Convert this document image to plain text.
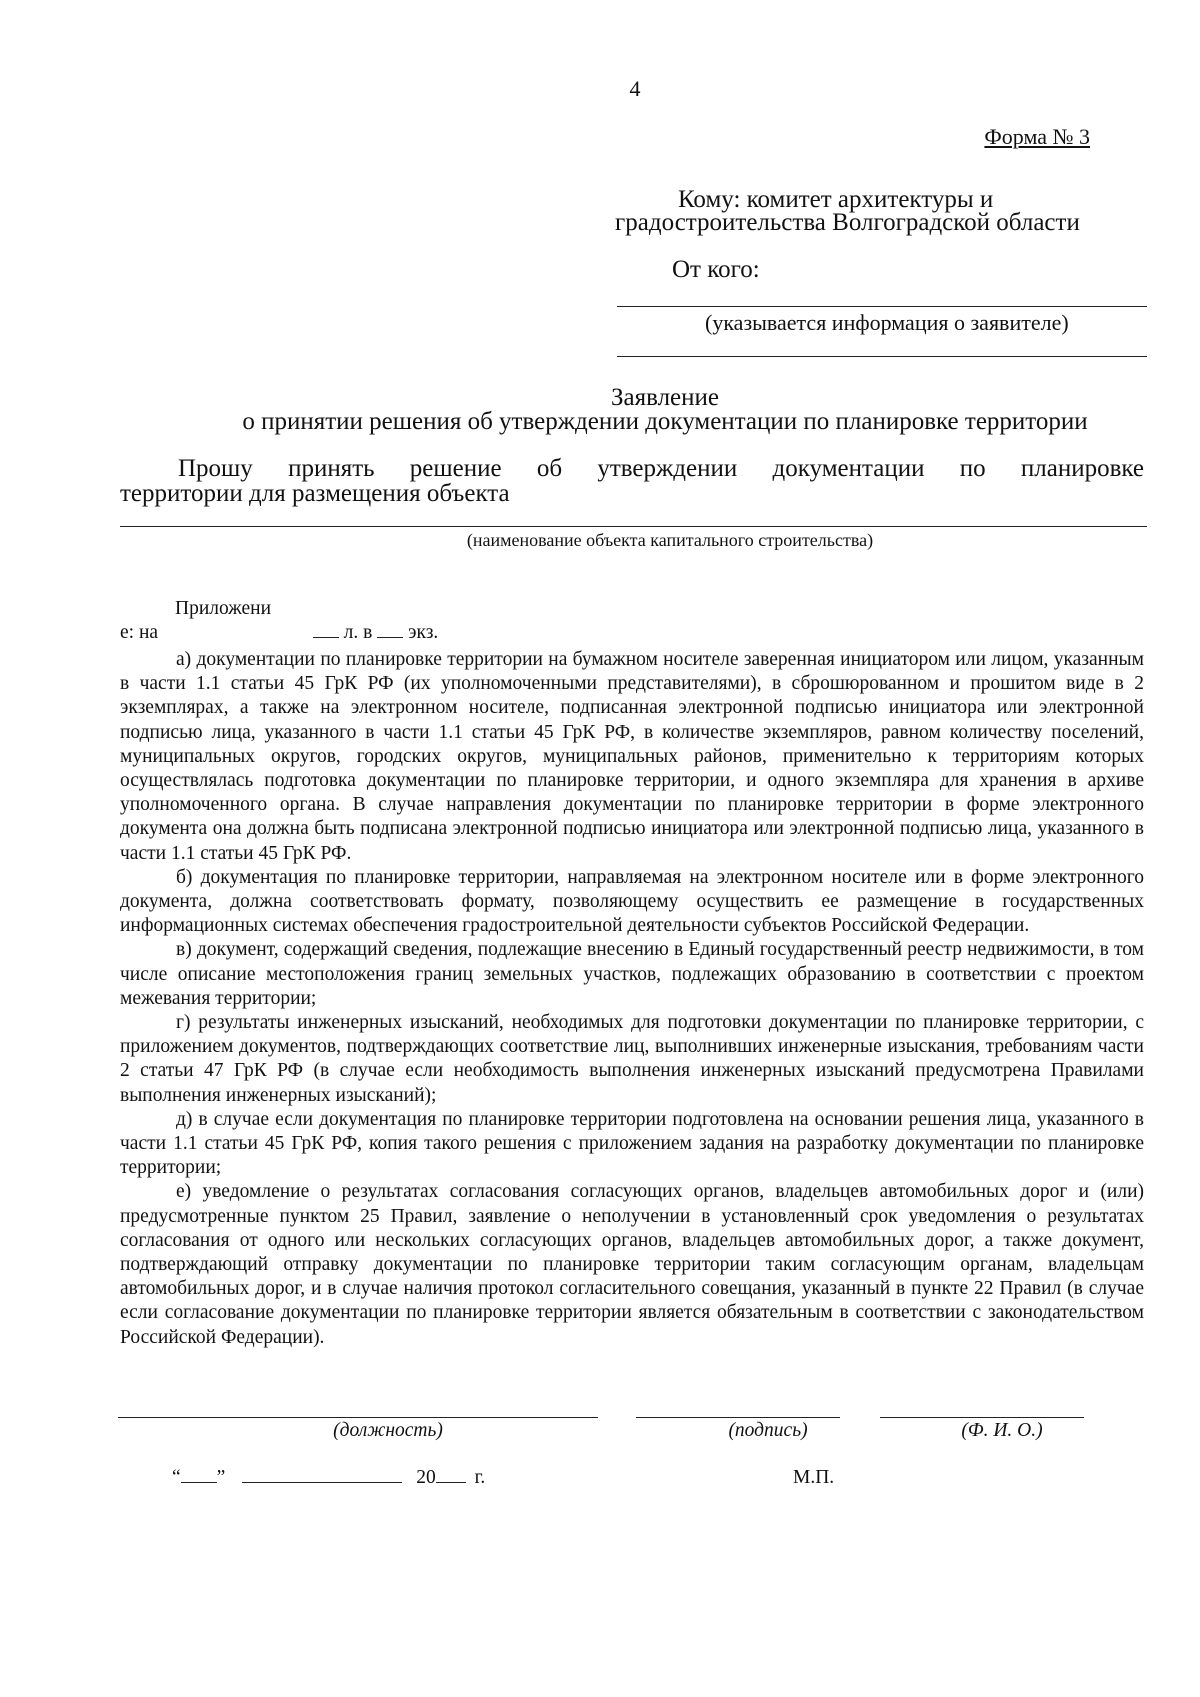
4
Форма № 3
Кому: комитет архитектуры и
градостроительства Волгоградской области
От кого:
(указывается информация о заявителе)
Заявление
о принятии решения об утверждении документации по планировке территории
Прошу принять решение об утверждении документации по планировке
территории для размещения объекта
(наименование объекта капитального строительства)
Приложени
е: на	л. в экз.

а) документации по планировке территории на бумажном носителе заверенная инициатором или лицом, указанным в части 1.1 статьи 45 ГрК РФ (их уполномоченными представителями), в сброшюрованном и прошитом виде в 2 экземплярах, а также на электронном носителе, подписанная электронной подписью инициатора или электронной подписью лица, указанного в части 1.1 статьи 45 ГрК РФ, в количестве экземпляров, равном количеству поселений, муниципальных округов, городских округов, муниципальных районов, применительно к территориям которых осуществлялась подготовка документации по планировке территории, и одного экземпляра для хранения в архиве уполномоченного органа. В случае направления документации по планировке территории в форме электронного документа она должна быть подписана электронной подписью инициатора или электронной подписью лица, указанного в части 1.1 статьи 45 ГрК РФ.

б) документация по планировке территории, направляемая на электронном носителе или в форме электронного документа, должна соответствовать формату, позволяющему осуществить ее размещение в государственных информационных системах обеспечения градостроительной деятельности субъектов Российской Федерации.

в) документ, содержащий сведения, подлежащие внесению в Единый государственный реестр недвижимости, в том числе описание местоположения границ земельных участков, подлежащих образованию в соответствии с проектом межевания территории;

г) результаты инженерных изысканий, необходимых для подготовки документации по планировке территории, с приложением документов, подтверждающих соответствие лиц, выполнивших инженерные изыскания, требованиям части 2 статьи 47 ГрК РФ (в случае если необходимость выполнения инженерных изысканий предусмотрена Правилами выполнения инженерных изысканий);

д) в случае если документация по планировке территории подготовлена на основании решения лица, указанного в части 1.1 статьи 45 ГрК РФ, копия такого решения с приложением задания на разработку документации по планировке территории;

е) уведомление о результатах согласования согласующих органов, владельцев автомобильных дорог и (или) предусмотренные пунктом 25 Правил, заявление о неполучении в установленный срок уведомления о результатах согласования от одного или нескольких согласующих органов, владельцев автомобильных дорог, а также документ, подтверждающий отправку документации по планировке территории таким согласующим органам, владельцам автомобильных дорог, и в случае наличия протокол согласительного совещания, указанный в пункте 22 Правил (в случае если согласование документации по планировке территории является обязательным в соответствии с законодательством Российской Федерации).

(должность)	(подпись)	(Ф. И. О.)
“ ”	20 г.	М.П.
